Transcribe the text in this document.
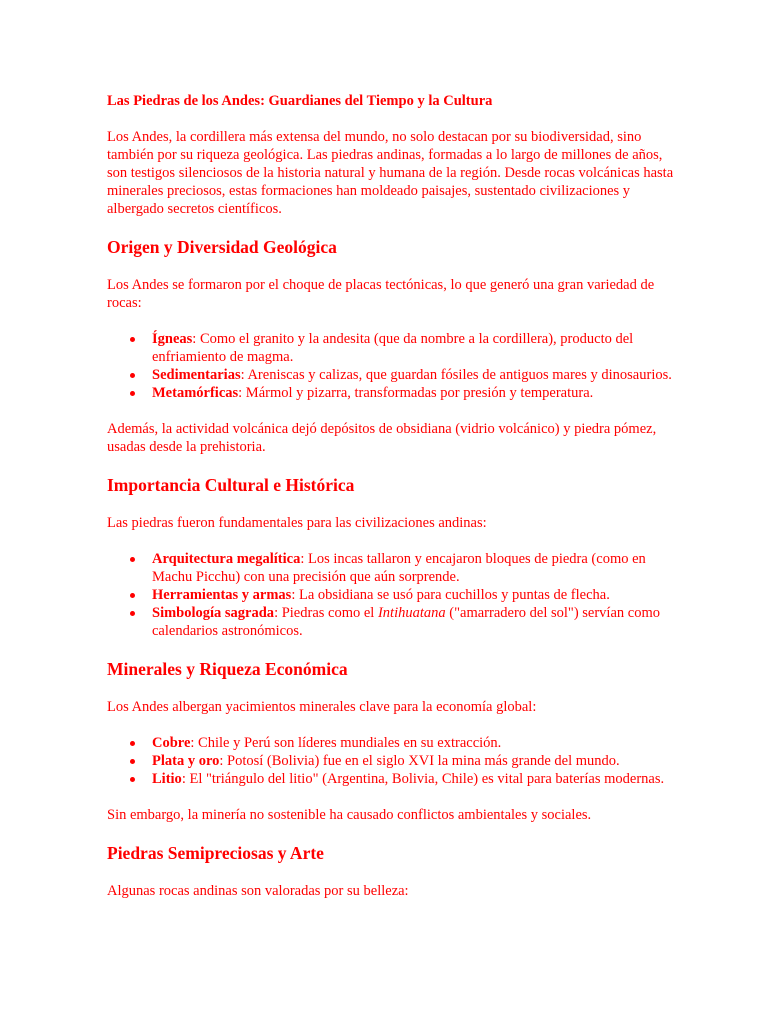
Las Piedras de los Andes: Guardianes del Tiempo y la Cultura

Los Andes, la cordillera más extensa del mundo, no solo destacan por su biodiversidad, sino también por su riqueza geológica. Las piedras andinas, formadas a lo largo de millones de años, son testigos silenciosos de la historia natural y humana de la región. Desde rocas volcánicas hasta minerales preciosos, estas formaciones han moldeado paisajes, sustentado civilizaciones y albergado secretos científicos.

Origen y Diversidad Geológica

Los Andes se formaron por el choque de placas tectónicas, lo que generó una gran variedad de rocas:

Ígneas: Como el granito y la andesita (que da nombre a la cordillera), producto del enfriamiento de magma.
Sedimentarias: Areniscas y calizas, que guardan fósiles de antiguos mares y dinosaurios.
Metamórficas: Mármol y pizarra, transformadas por presión y temperatura.

Además, la actividad volcánica dejó depósitos de obsidiana (vidrio volcánico) y piedra pómez, usadas desde la prehistoria.

Importancia Cultural e Histórica

Las piedras fueron fundamentales para las civilizaciones andinas:

Arquitectura megalítica: Los incas tallaron y encajaron bloques de piedra (como en Machu Picchu) con una precisión que aún sorprende.
Herramientas y armas: La obsidiana se usó para cuchillos y puntas de flecha.
Simbología sagrada: Piedras como el Intihuatana ("amarradero del sol") servían como calendarios astronómicos.
Minerales y Riqueza Económica

Los Andes albergan yacimientos minerales clave para la economía global:

Cobre: Chile y Perú son líderes mundiales en su extracción.
Plata y oro: Potosí (Bolivia) fue en el siglo XVI la mina más grande del mundo.
Litio: El "triángulo del litio" (Argentina, Bolivia, Chile) es vital para baterías modernas.

Sin embargo, la minería no sostenible ha causado conflictos ambientales y sociales.

Piedras Semipreciosas y Arte

Algunas rocas andinas son valoradas por su belleza:
